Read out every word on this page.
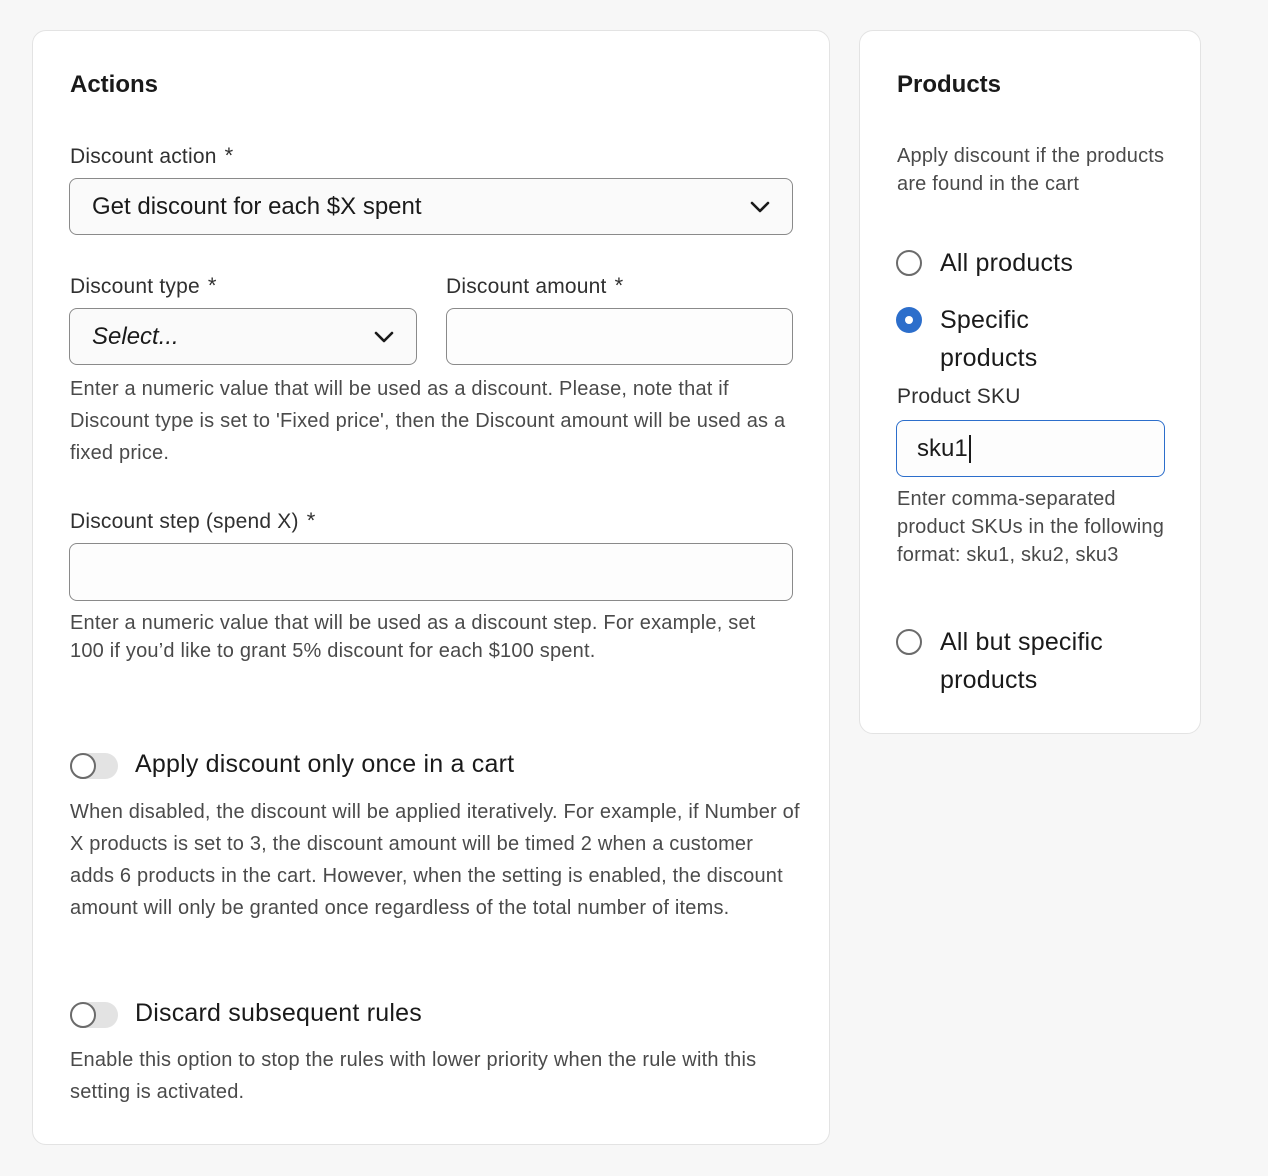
Actions
Discount action *
Get discount for each $X spent
Discount type *
Select...
Discount amount *
Enter a numeric value that will be used as a discount. Please, note that if Discount type is set to 'Fixed price', then the Discount amount will be used as a fixed price.
Discount step (spend X) *
Enter a numeric value that will be used as a discount step. For example, set 100 if you’d like to grant 5% discount for each $100 spent.
Apply discount only once in a cart
When disabled, the discount will be applied iteratively. For example, if Number of X products is set to 3, the discount amount will be timed 2 when a customer adds 6 products in the cart. However, when the setting is enabled, the discount amount will only be granted once regardless of the total number of items.
Discard subsequent rules
Enable this option to stop the rules with lower priority when the rule with this setting is activated.
Products
Apply discount if the products are found in the cart
All products
Specific products
Product SKU
sku1
Enter comma-separated product SKUs in the following format: sku1, sku2, sku3
All but specific products
